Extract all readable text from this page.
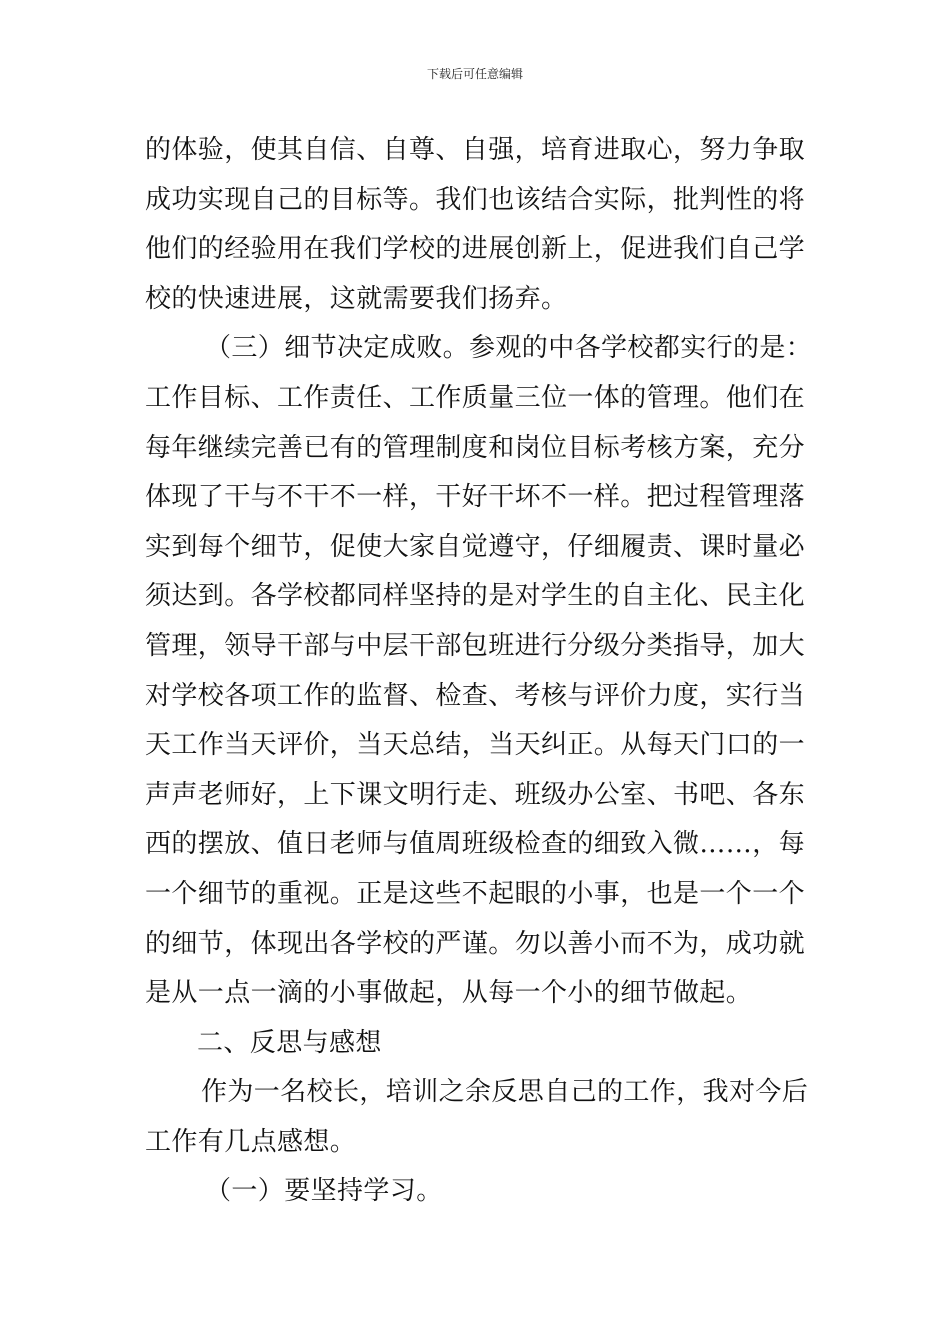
下载后可任意编辑
的体验，使其自信、自尊、自强，培育进取心，努力争取
成功实现自己的目标等。我们也该结合实际，批判性的将
他们的经验用在我们学校的进展创新上，促进我们自己学
校的快速进展，这就需要我们扬弃。
（三）细节决定成败。参观的中各学校都实行的是：
工作目标、工作责任、工作质量三位一体的管理。他们在
每年继续完善已有的管理制度和岗位目标考核方案，充分
体现了干与不干不一样，干好干坏不一样。把过程管理落
实到每个细节，促使大家自觉遵守，仔细履责、课时量必
须达到。各学校都同样坚持的是对学生的自主化、民主化
管理，领导干部与中层干部包班进行分级分类指导，加大
对学校各项工作的监督、检查、考核与评价力度，实行当
天工作当天评价，当天总结，当天纠正。从每天门口的一
声声老师好，上下课文明行走、班级办公室、书吧、各东
西的摆放、值日老师与值周班级检查的细致入微……，每
一个细节的重视。正是这些不起眼的小事，也是一个一个
的细节，体现出各学校的严谨。勿以善小而不为，成功就
是从一点一滴的小事做起，从每一个小的细节做起。
二、反思与感想
作为一名校长，培训之余反思自己的工作，我对今后
工作有几点感想。
（一）要坚持学习。
